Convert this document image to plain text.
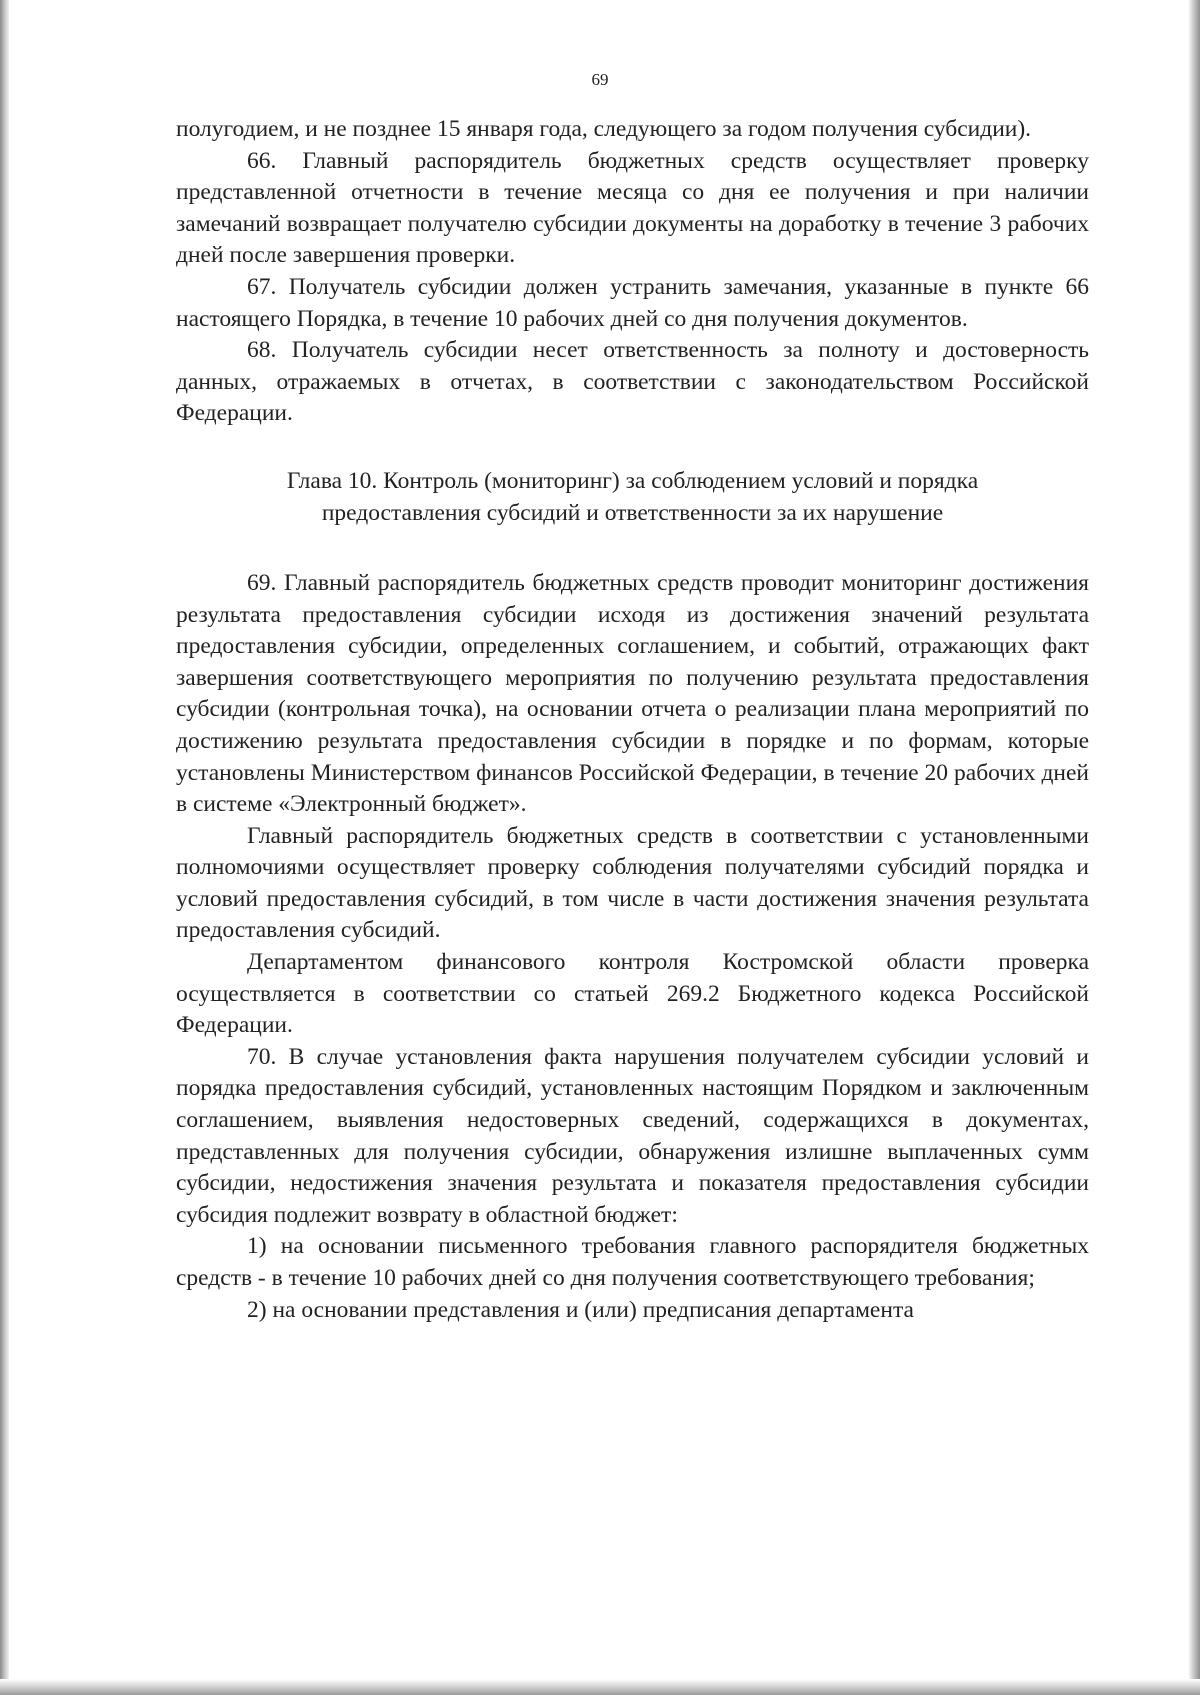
69

полугодием, и не позднее 15 января года, следующего за годом получения субсидии).

66. Главный распорядитель бюджетных средств осуществляет проверку представленной отчетности в течение месяца со дня ее получения и при наличии замечаний возвращает получателю субсидии документы на доработку в течение 3 рабочих дней после завершения проверки.

67. Получатель субсидии должен устранить замечания, указанные в пункте 66 настоящего Порядка, в течение 10 рабочих дней со дня получения документов.

68. Получатель субсидии несет ответственность за полноту и достоверность данных, отражаемых в отчетах, в соответствии с законодательством Российской Федерации.

Глава 10. Контроль (мониторинг) за соблюдением условий и порядка
предоставления субсидий и ответственности за их нарушение

69. Главный распорядитель бюджетных средств проводит мониторинг достижения результата предоставления субсидии исходя из достижения значений результата предоставления субсидии, определенных соглашением, и событий, отражающих факт завершения соответствующего мероприятия по получению результата предоставления субсидии (контрольная точка), на основании отчета о реализации плана мероприятий по достижению результата предоставления субсидии в порядке и по формам, которые установлены Министерством финансов Российской Федерации, в течение 20 рабочих дней в системе «Электронный бюджет».

Главный распорядитель бюджетных средств в соответствии с установленными полномочиями осуществляет проверку соблюдения получателями субсидий порядка и условий предоставления субсидий, в том числе в части достижения значения результата предоставления субсидий.

Департаментом финансового контроля Костромской области проверка осуществляется в соответствии со статьей 269.2 Бюджетного кодекса Российской Федерации.

70. В случае установления факта нарушения получателем субсидии условий и порядка предоставления субсидий, установленных настоящим Порядком и заключенным соглашением, выявления недостоверных сведений, содержащихся в документах, представленных для получения субсидии, обнаружения излишне выплаченных сумм субсидии, недостижения значения результата и показателя предоставления субсидии субсидия подлежит возврату в областной бюджет:

1) на основании письменного требования главного распорядителя бюджетных средств - в течение 10 рабочих дней со дня получения соответствующего требования;

2) на основании представления и (или) предписания департамента
